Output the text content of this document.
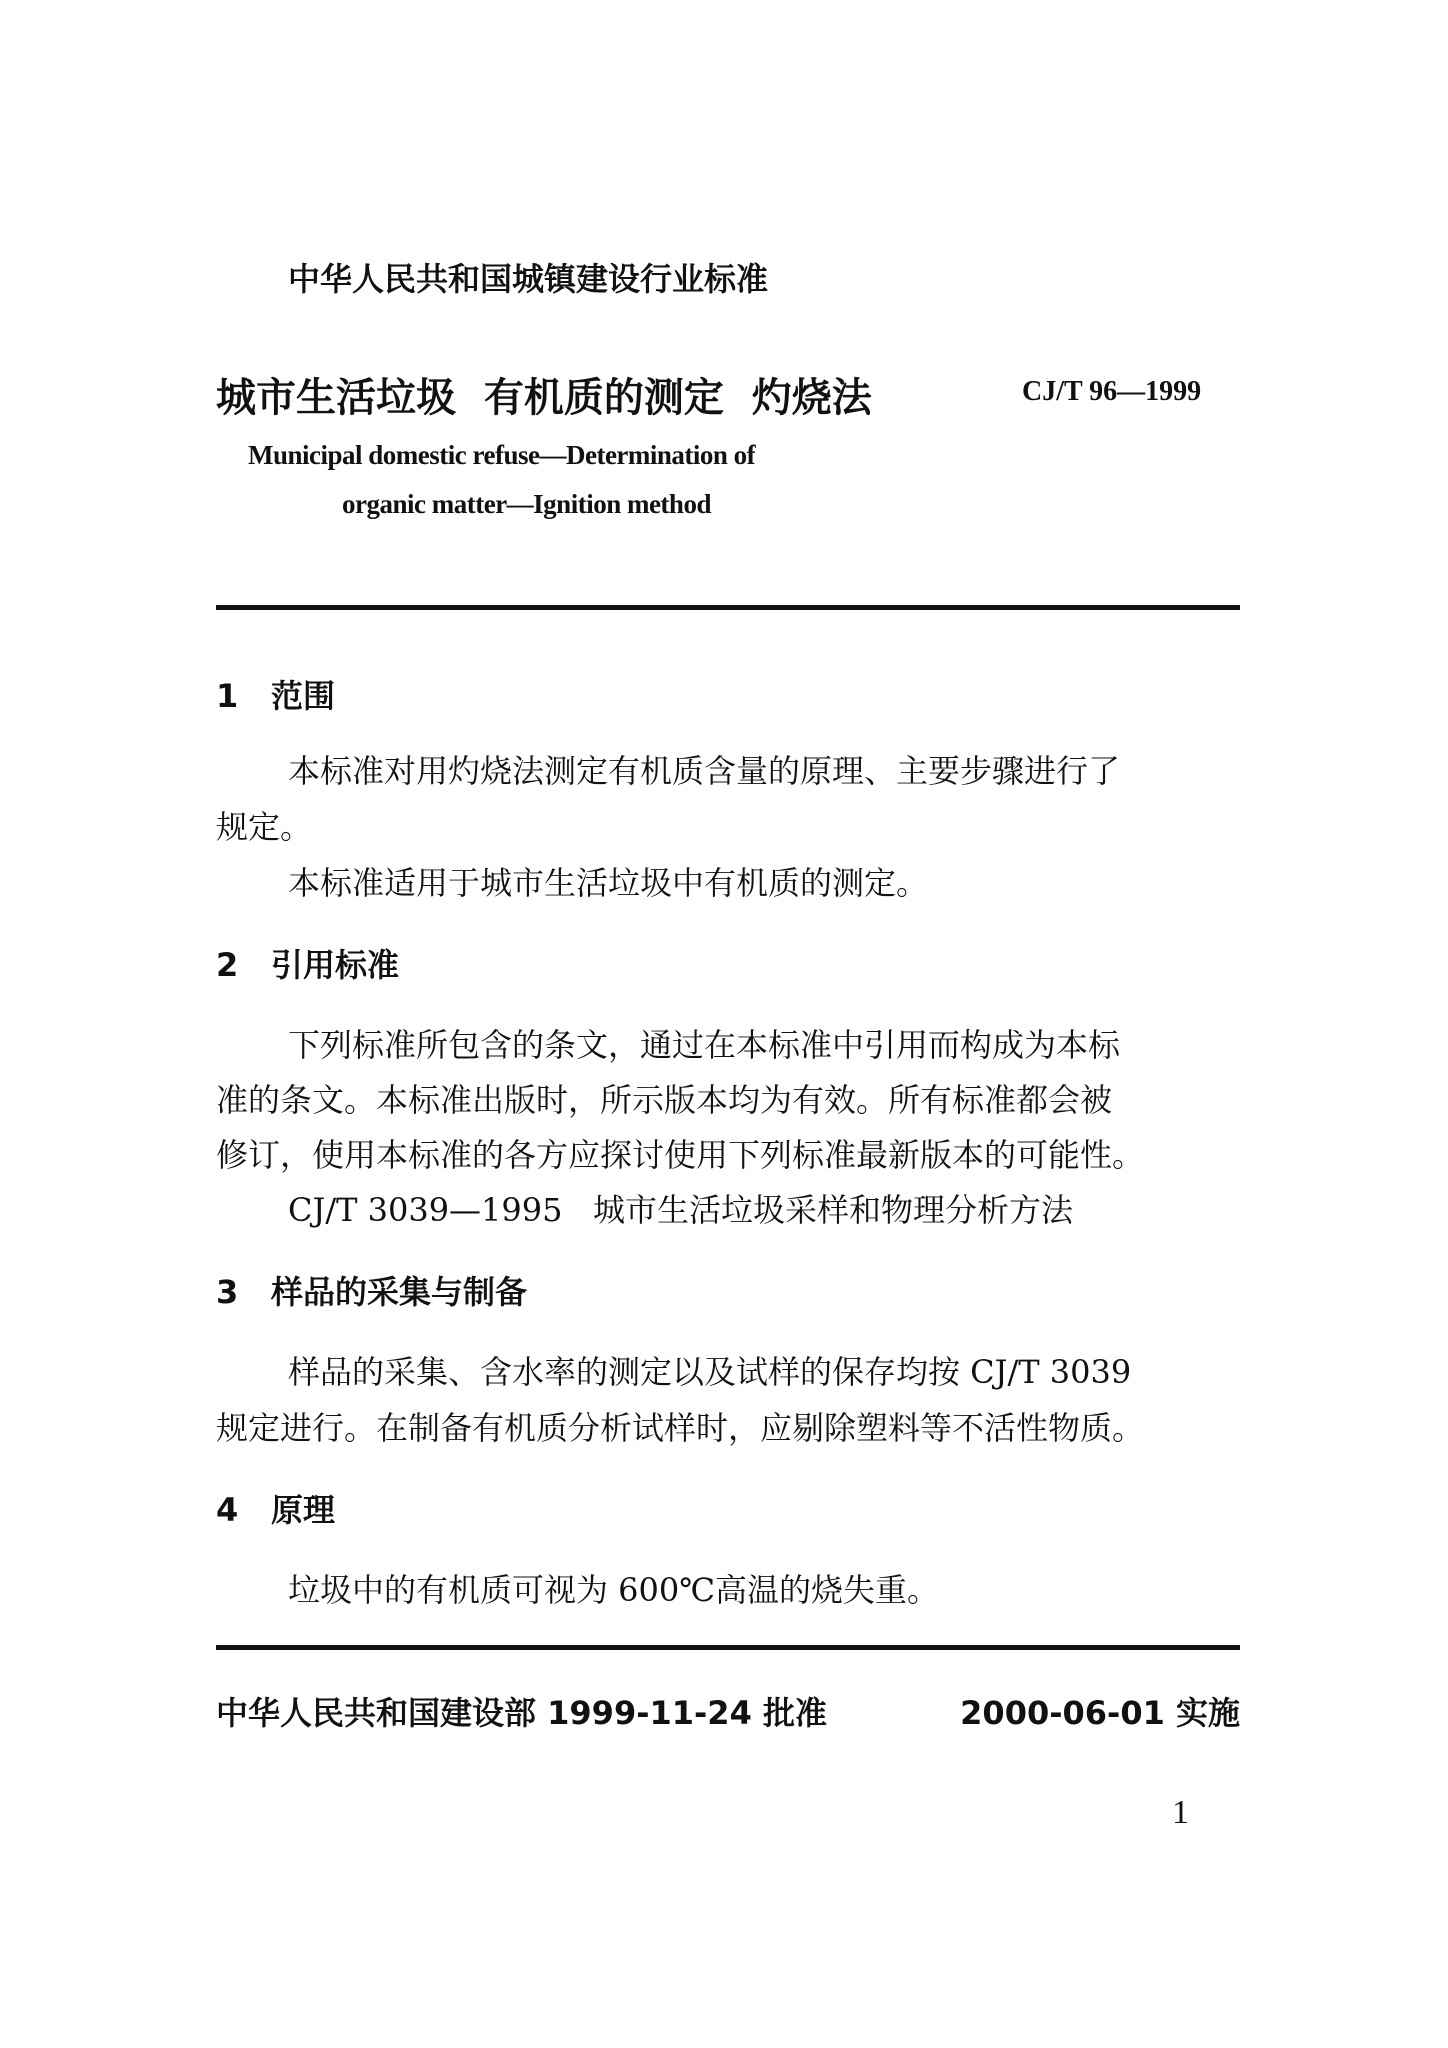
中华人民共和国城镇建设行业标准
城市生活垃圾  有机质的测定  灼烧法	CJ/T 96—1999
Municipal domestic refuse—Determination of
organic matter—Ignition method
1 范围
本标准对用灼烧法测定有机质含量的原理、主要步骤进行了
规定。
本标准适用于城市生活垃圾中有机质的测定。
2 引用标准
下列标准所包含的条文，通过在本标准中引用而构成为本标
准的条文。本标准出版时，所示版本均为有效。所有标准都会被
修订，使用本标准的各方应探讨使用下列标准最新版本的可能性。
CJ/T 3039—1995   城市生活垃圾采样和物理分析方法
3 样品的采集与制备
样品的采集、含水率的测定以及试样的保存均按 CJ/T 3039
规定进行。在制备有机质分析试样时，应剔除塑料等不活性物质。
4 原理
垃圾中的有机质可视为 600℃高温的烧失重。
中华人民共和国建设部 1999-11-24 批准	2000-06-01 实施
1
